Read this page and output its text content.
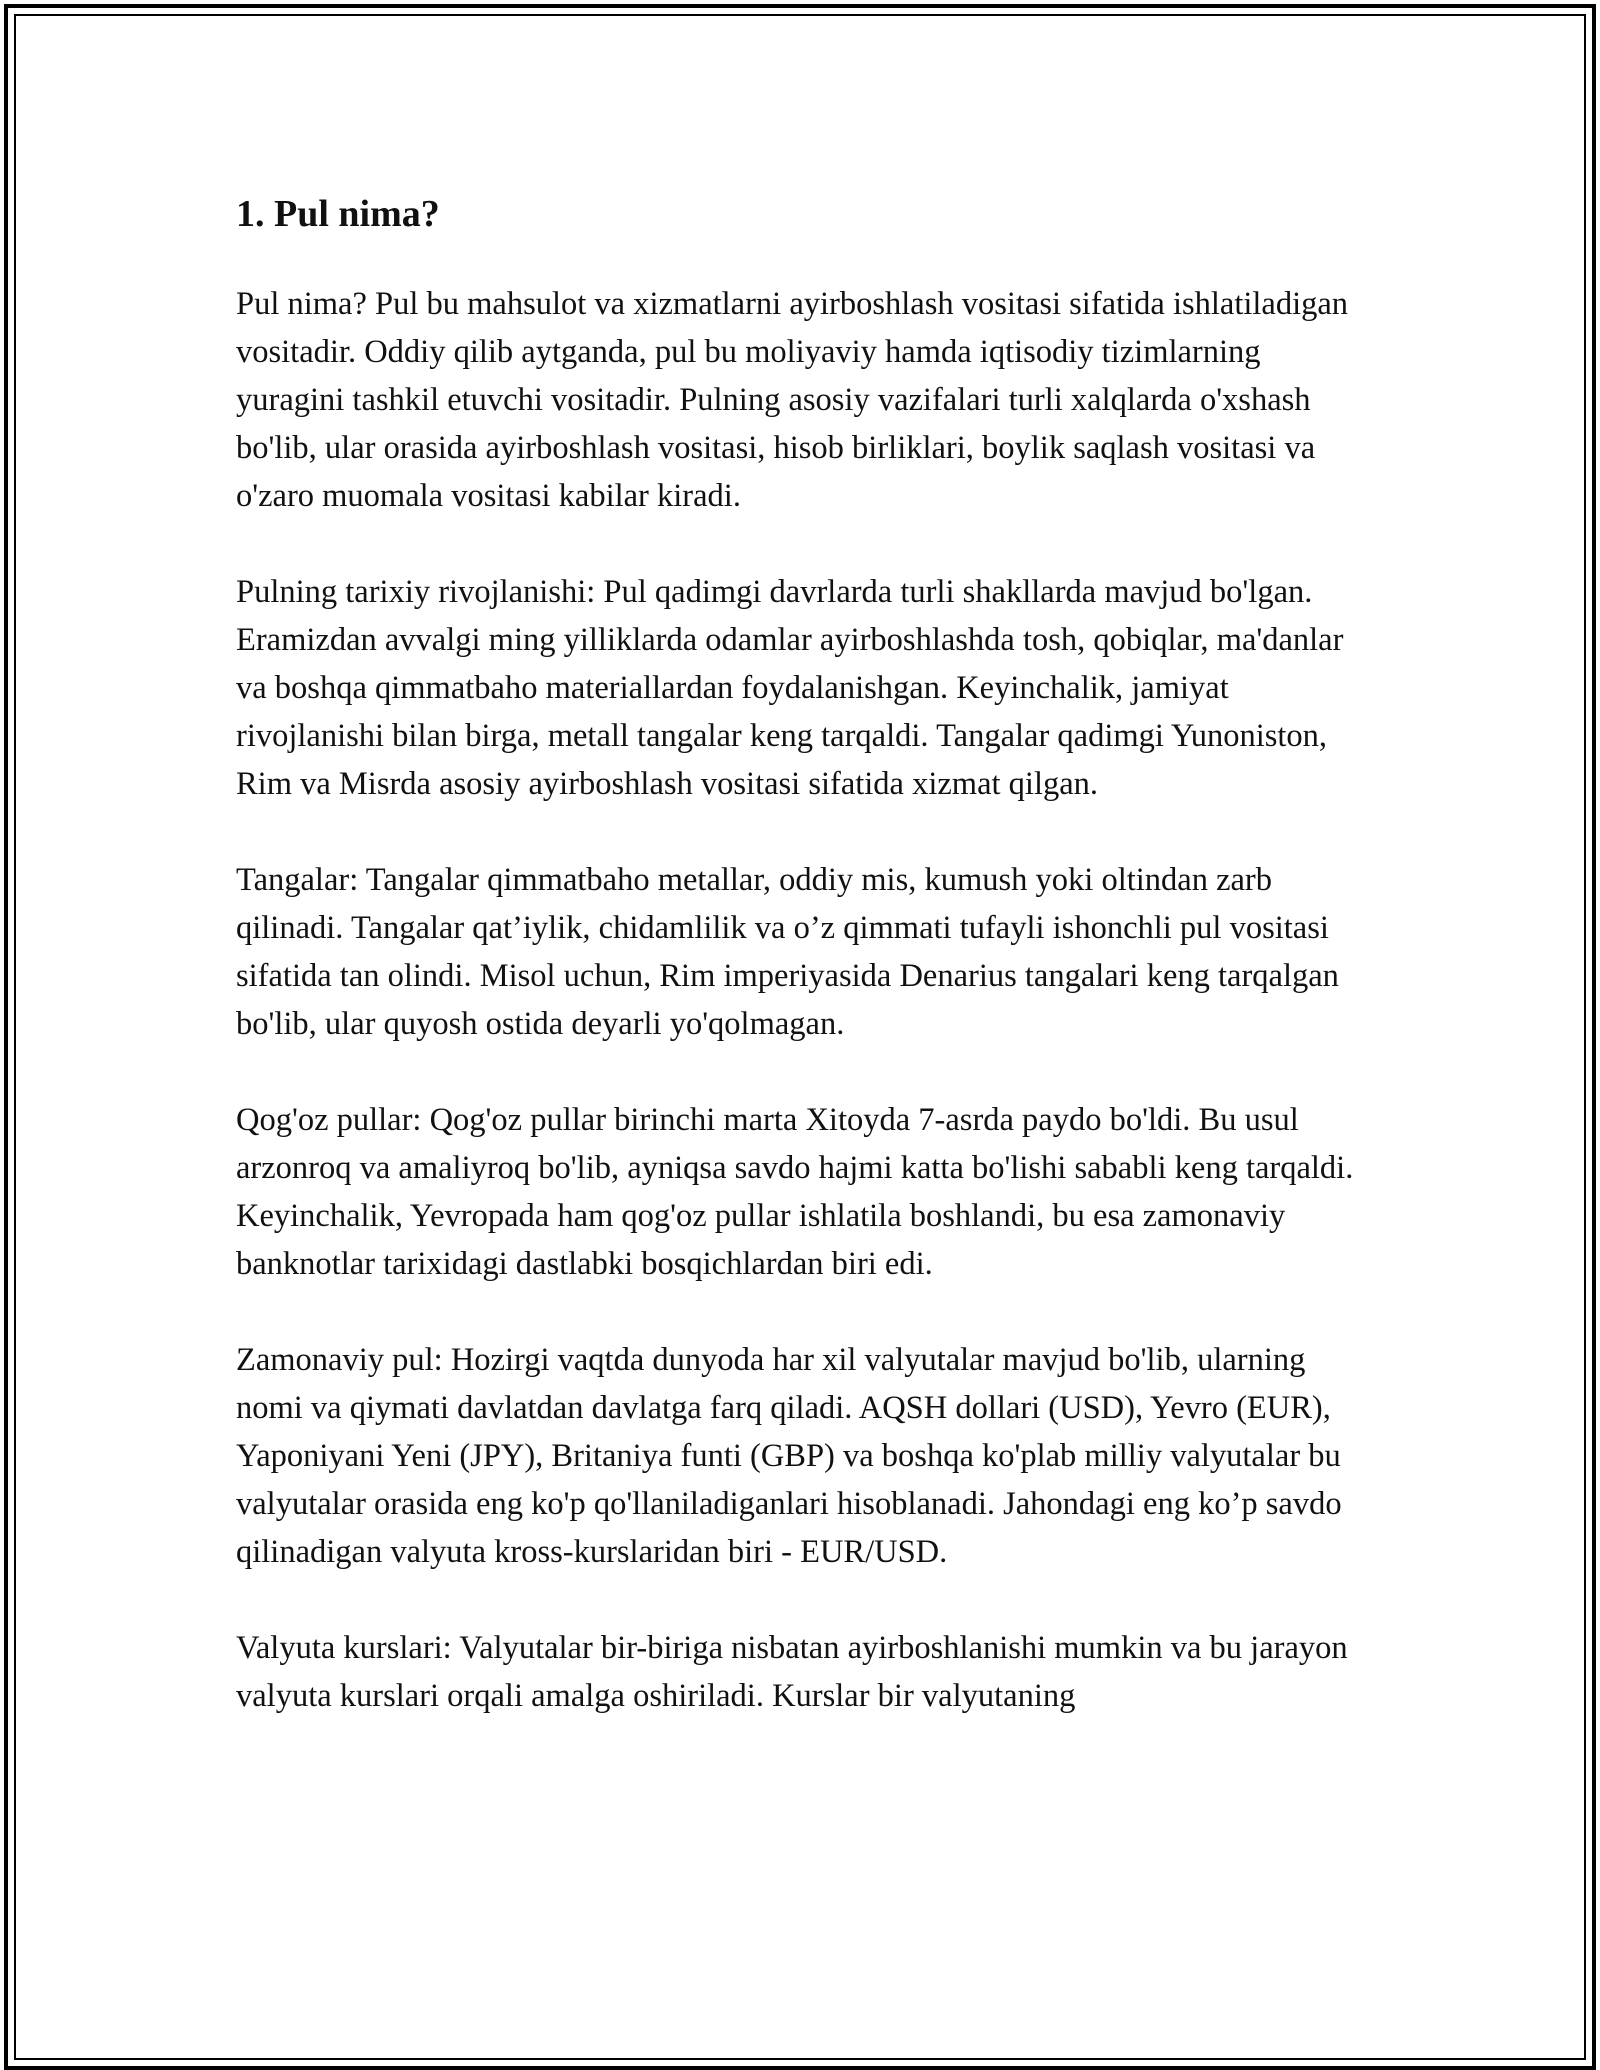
1. Pul nima?

Pul nima? Pul bu mahsulot va xizmatlarni ayirboshlash vositasi sifatida ishlatiladigan vositadir. Oddiy qilib aytganda, pul bu moliyaviy hamda iqtisodiy tizimlarning yuragini tashkil etuvchi vositadir. Pulning asosiy vazifalari turli xalqlarda o'xshash bo'lib, ular orasida ayirboshlash vositasi, hisob birliklari, boylik saqlash vositasi va o'zaro muomala vositasi kabilar kiradi.

Pulning tarixiy rivojlanishi: Pul qadimgi davrlarda turli shakllarda mavjud bo'lgan. Eramizdan avvalgi ming yilliklarda odamlar ayirboshlashda tosh, qobiqlar, ma'danlar va boshqa qimmatbaho materiallardan foydalanishgan. Keyinchalik, jamiyat rivojlanishi bilan birga, metall tangalar keng tarqaldi. Tangalar qadimgi Yunoniston, Rim va Misrda asosiy ayirboshlash vositasi sifatida xizmat qilgan.

Tangalar: Tangalar qimmatbaho metallar, oddiy mis, kumush yoki oltindan zarb qilinadi. Tangalar qat’iylik, chidamlilik va o’z qimmati tufayli ishonchli pul vositasi sifatida tan olindi. Misol uchun, Rim imperiyasida Denarius tangalari keng tarqalgan bo'lib, ular quyosh ostida deyarli yo'qolmagan.

Qog'oz pullar: Qog'oz pullar birinchi marta Xitoyda 7-asrda paydo bo'ldi. Bu usul arzonroq va amaliyroq bo'lib, ayniqsa savdo hajmi katta bo'lishi sababli keng tarqaldi. Keyinchalik, Yevropada ham qog'oz pullar ishlatila boshlandi, bu esa zamonaviy banknotlar tarixidagi dastlabki bosqichlardan biri edi.

Zamonaviy pul: Hozirgi vaqtda dunyoda har xil valyutalar mavjud bo'lib, ularning nomi va qiymati davlatdan davlatga farq qiladi. AQSH dollari (USD), Yevro (EUR), Yaponiyani Yeni (JPY), Britaniya funti (GBP) va boshqa ko'plab milliy valyutalar bu valyutalar orasida eng ko'p qo'llaniladiganlari hisoblanadi. Jahondagi eng ko’p savdo qilinadigan valyuta kross-kurslaridan biri - EUR/USD.

Valyuta kurslari: Valyutalar bir-biriga nisbatan ayirboshlanishi mumkin va bu jarayon valyuta kurslari orqali amalga oshiriladi. Kurslar bir valyutaning
